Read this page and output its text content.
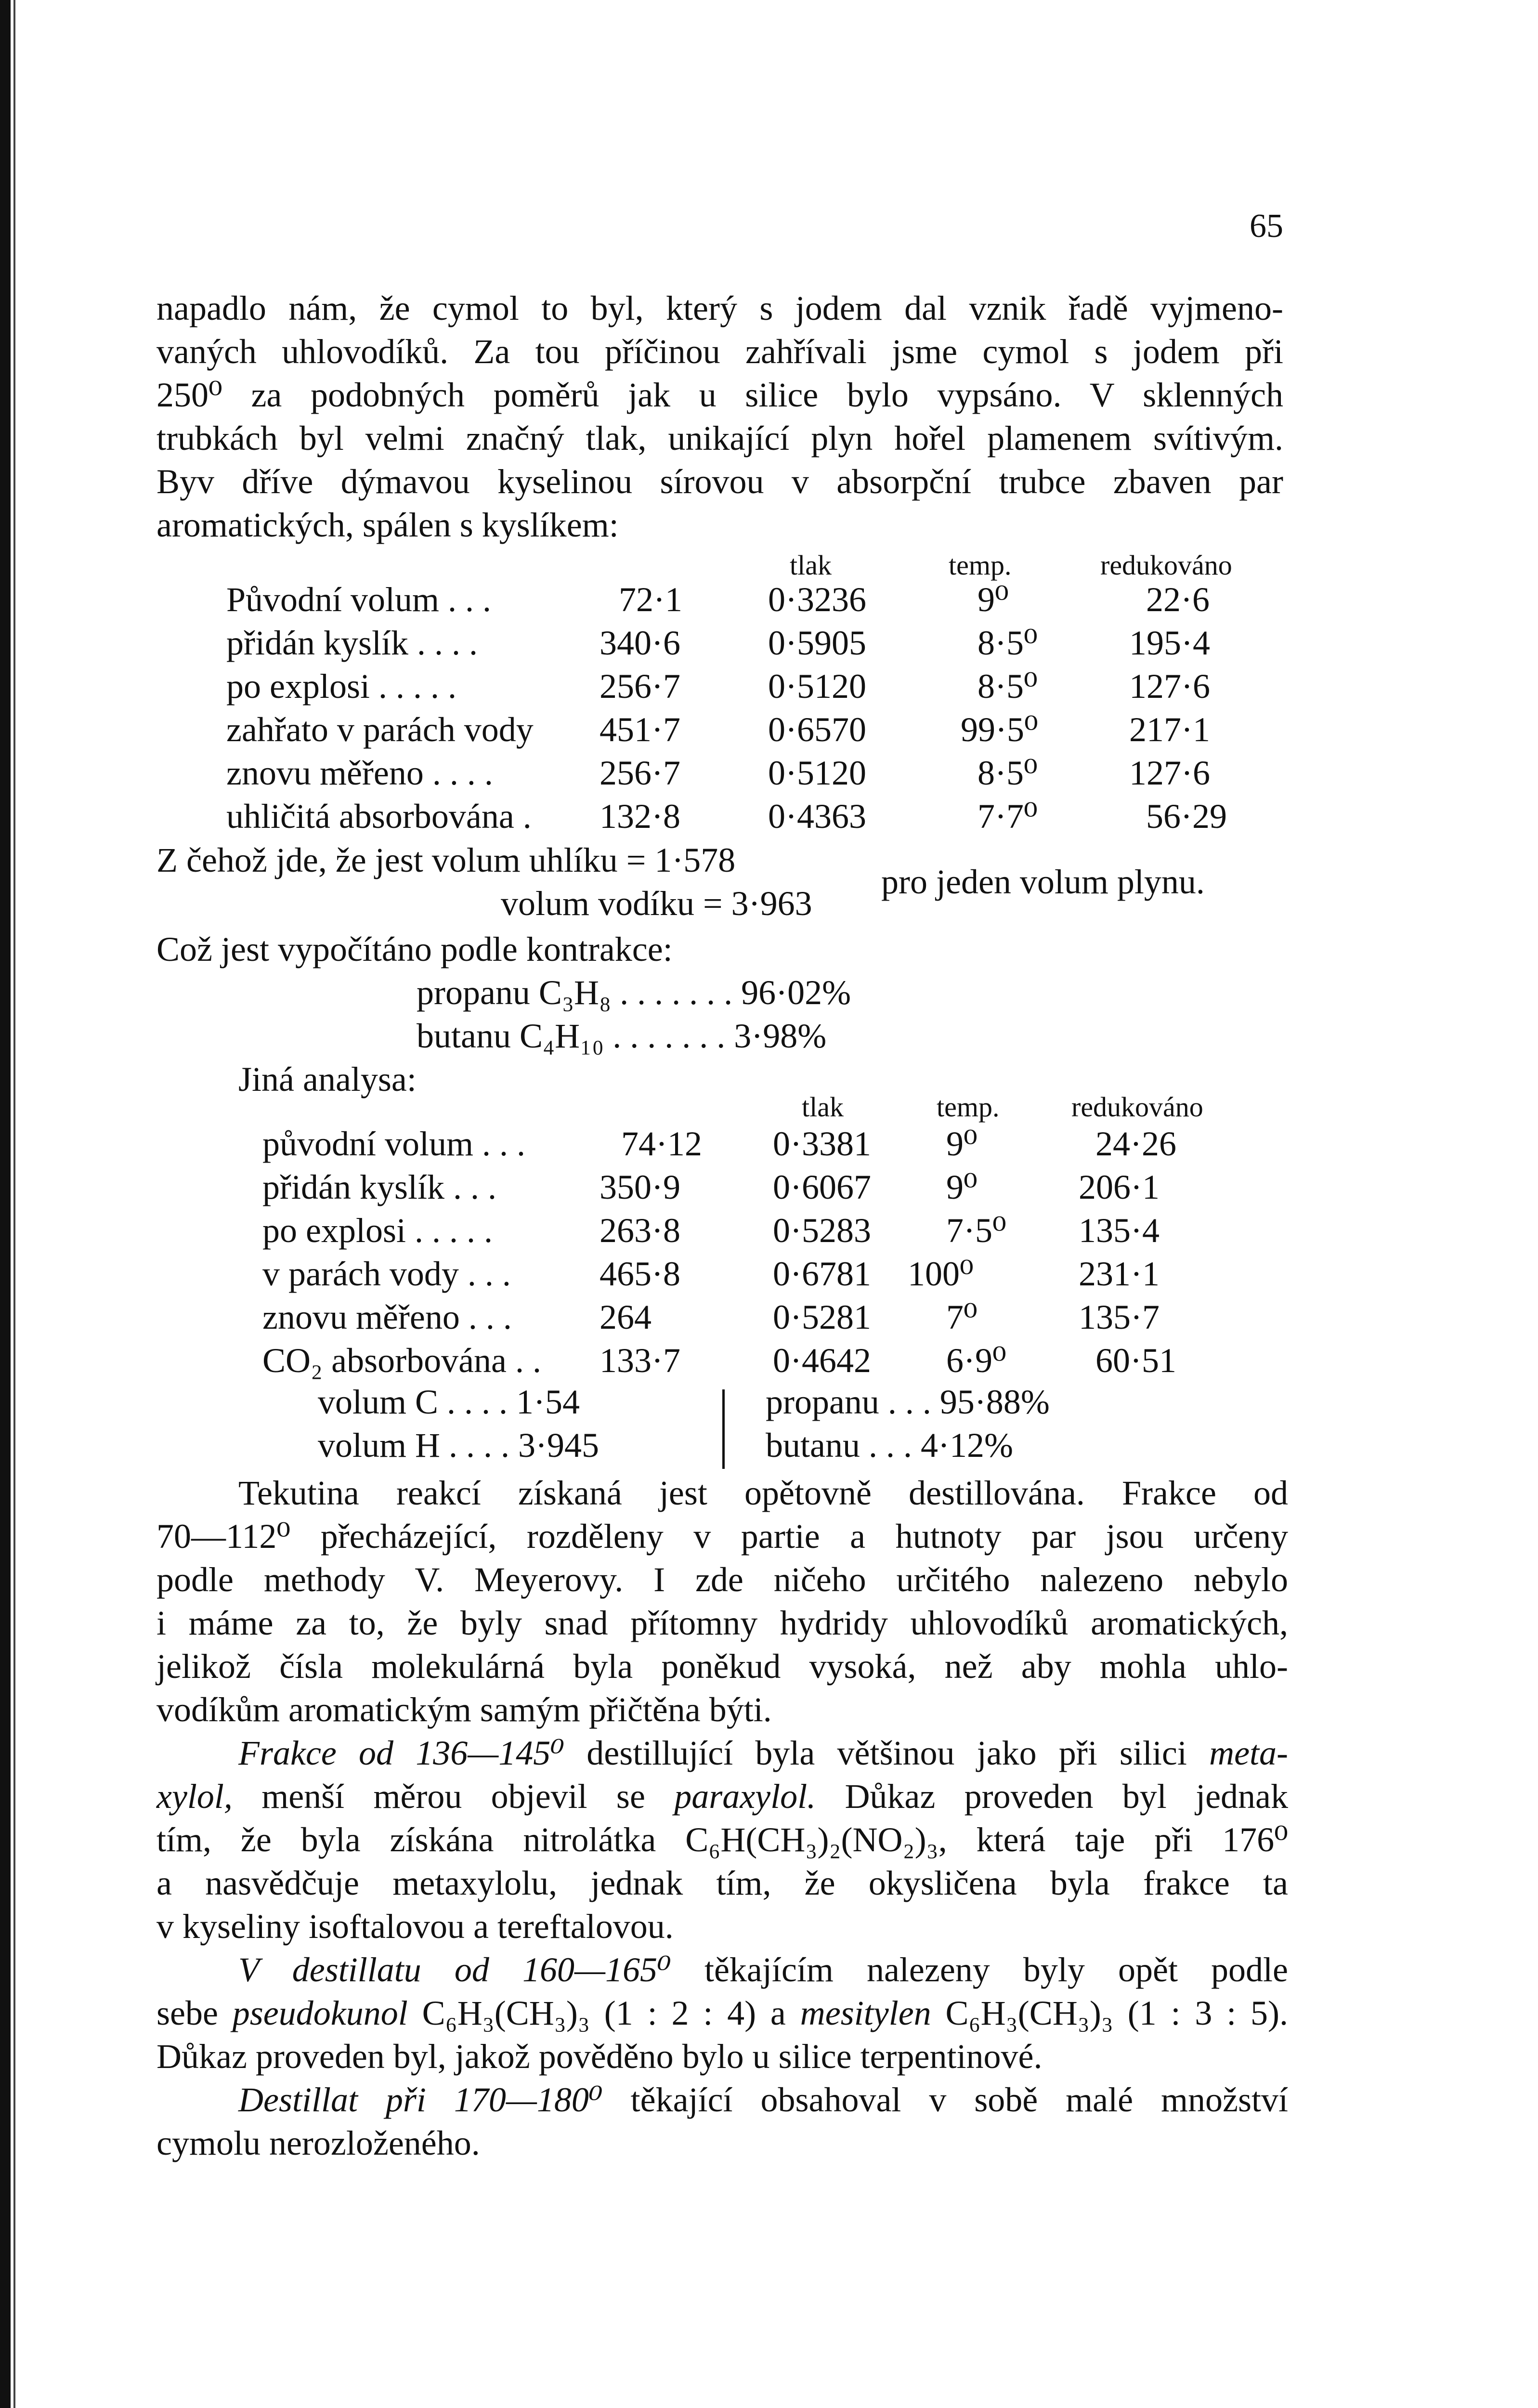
65
napadlo nám, že cymol to byl, který s jodem dal vznik řadě vyjmeno-
vaných uhlovodíků. Za tou příčinou zahřívali jsme cymol s jodem při
250⁰ za podobných poměrů jak u silice bylo vypsáno. V sklenných
trubkách byl velmi značný tlak, unikající plyn hořel plamenem svítivým.
Byv dříve dýmavou kyselinou sírovou v absorpční trubce zbaven par
aromatických, spálen s kyslíkem:
tlak	temp.	redukováno
Původní volum . . .	72·1 0·3236	9⁰	22·6
přidán kyslík . . . .	340·6	0·5905	8·5⁰	195·4
po explosi . . . . .	256·7	0·5120	8·5⁰	127·6
zahřato v parách vody 451·7	0·6570	99·5⁰	217·1
znovu měřeno . . . .	256·7	0·5120	8·5⁰	127·6
uhličitá absorbována . 132·8	0·4363	7·7⁰	56·29
Z čehož jde, že jest volum uhlíku = 1·578
volum vodíku = 3·963
pro jeden volum plynu.
Což jest vypočítáno podle kontrakce:
propanu C₃H₈ . . . . . . . 96·02%
butanu C₄H₁₀ . . . . . . . 3·98%
Jiná analysa:
tlak	temp.	redukováno
původní volum . . .	74·12 0·3381 9⁰	24·26
přidán kyslík . . .	350·9	0·6067 9⁰	206·1
po explosi . . . . .	263·8	0·5283 7·5⁰ 135·4
v parách vody . . .	465·8	0·6781 100⁰	231·1
znovu měřeno . . .	264	0·5281 7⁰	135·7
CO₂ absorbována . . 133·7	0·4642 6·9⁰	60·51
volum C . . . . 1·54
volum H . . . . 3·945
propanu . . . 95·88%
butanu . . . 4·12%
Tekutina reakcí získaná jest opětovně destillována. Frakce od
70—112⁰ přecházející, rozděleny v partie a hutnoty par jsou určeny
podle methody V. Meyerovy. I zde ničeho určitého nalezeno nebylo
i máme za to, že byly snad přítomny hydridy uhlovodíků aromatických,
jelikož čísla molekulárná byla poněkud vysoká, než aby mohla uhlo-
vodíkům aromatickým samým přičtěna býti.
Frakce od 136—145⁰ destillující byla většinou jako při silici meta-
xylol, menší měrou objevil se paraxylol. Důkaz proveden byl jednak
tím, že byla získána nitrolátka C₆H(CH₃)₂(NO₂)₃, která taje při 176⁰
a nasvědčuje metaxylolu, jednak tím, že okysličena byla frakce ta
v kyseliny isoftalovou a tereftalovou.
V destillatu od 160—165⁰ těkajícím nalezeny byly opět podle
sebe pseudokunol C₆H₃(CH₃)₃ (1 : 2 : 4) a mesitylen C₆H₃(CH₃)₃ (1 : 3 : 5).
Důkaz proveden byl, jakož pověděno bylo u silice terpentinové.
Destillat při 170—180⁰ těkající obsahoval v sobě malé množství
cymolu nerozloženého.
